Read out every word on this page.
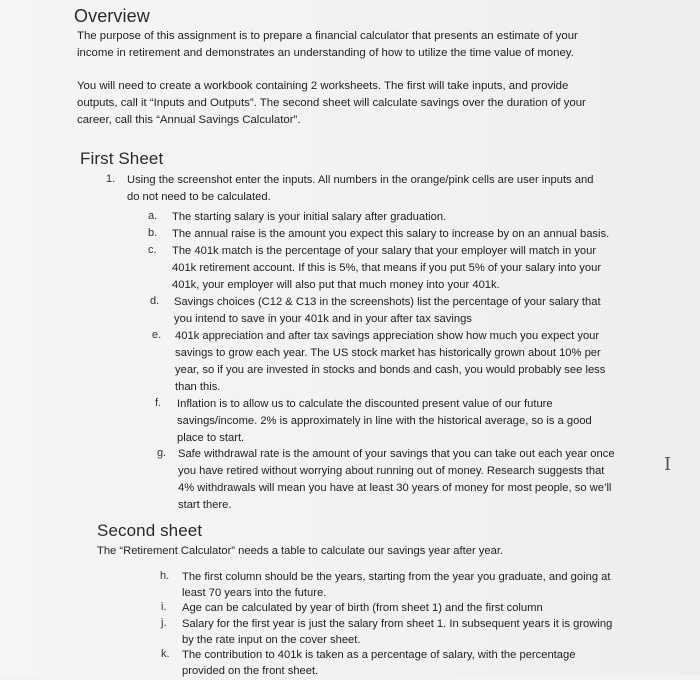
Overview
The purpose of this assignment is to prepare a financial calculator that presents an estimate of your
income in retirement and demonstrates an understanding of how to utilize the time value of money.
You will need to create a workbook containing 2 worksheets. The first will take inputs, and provide
outputs, call it “Inputs and Outputs”. The second sheet will calculate savings over the duration of your
career, call this “Annual Savings Calculator”.
First Sheet
1. Using the screenshot enter the inputs. All numbers in the orange/pink cells are user inputs and
do not need to be calculated.
a. The starting salary is your initial salary after graduation.
b. The annual raise is the amount you expect this salary to increase by on an annual basis.
c. The 401k match is the percentage of your salary that your employer will match in your
401k retirement account. If this is 5%, that means if you put 5% of your salary into your
401k, your employer will also put that much money into your 401k.
d. Savings choices (C12 & C13 in the screenshots) list the percentage of your salary that
you intend to save in your 401k and in your after tax savings
e. 401k appreciation and after tax savings appreciation show how much you expect your
savings to grow each year. The US stock market has historically grown about 10% per
year, so if you are invested in stocks and bonds and cash, you would probably see less
than this.
f. Inflation is to allow us to calculate the discounted present value of our future
savings/income. 2% is approximately in line with the historical average, so is a good
place to start.
g. Safe withdrawal rate is the amount of your savings that you can take out each year once
you have retired without worrying about running out of money. Research suggests that
4% withdrawals will mean you have at least 30 years of money for most people, so we’ll
start there.
I
Second sheet
The “Retirement Calculator” needs a table to calculate our savings year after year.
h. The first column should be the years, starting from the year you graduate, and going at
least 70 years into the future.
i. Age can be calculated by year of birth (from sheet 1) and the first column
j. Salary for the first year is just the salary from sheet 1. In subsequent years it is growing
by the rate input on the cover sheet.
k. The contribution to 401k is taken as a percentage of salary, with the percentage
provided on the front sheet.
